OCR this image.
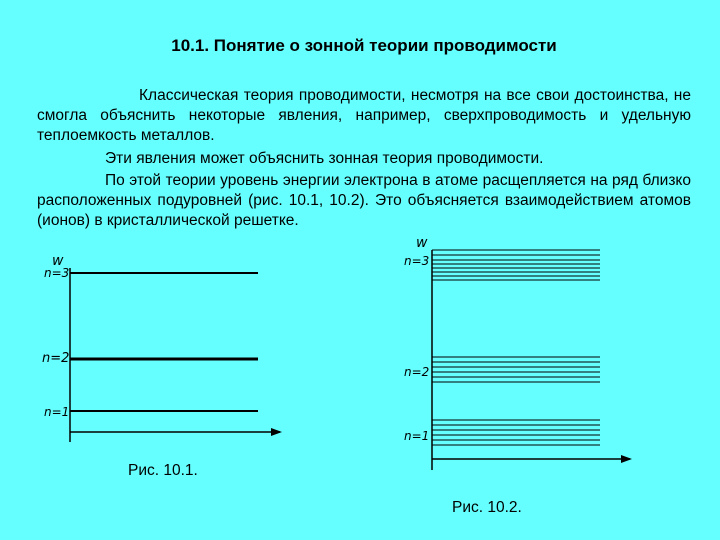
10.1. Понятие о зонной теории проводимости
Классическая теория проводимости, несмотря на все свои достоинства, не смогла объяснить некоторые явления, например, сверхпроводимость и удельную теплоемкость металлов.
Эти явления может объяснить зонная теория проводимости.
По этой теории уровень энергии электрона в атоме расщепляется на ряд близко расположенных подуровней (рис. 10.1, 10.2). Это объясняется взаимодействием атомов (ионов) в кристаллической решетке.
w
n=3
n=2
n=1
w
n=3
n=2
n=1
Рис. 10.1.
Рис. 10.2.
